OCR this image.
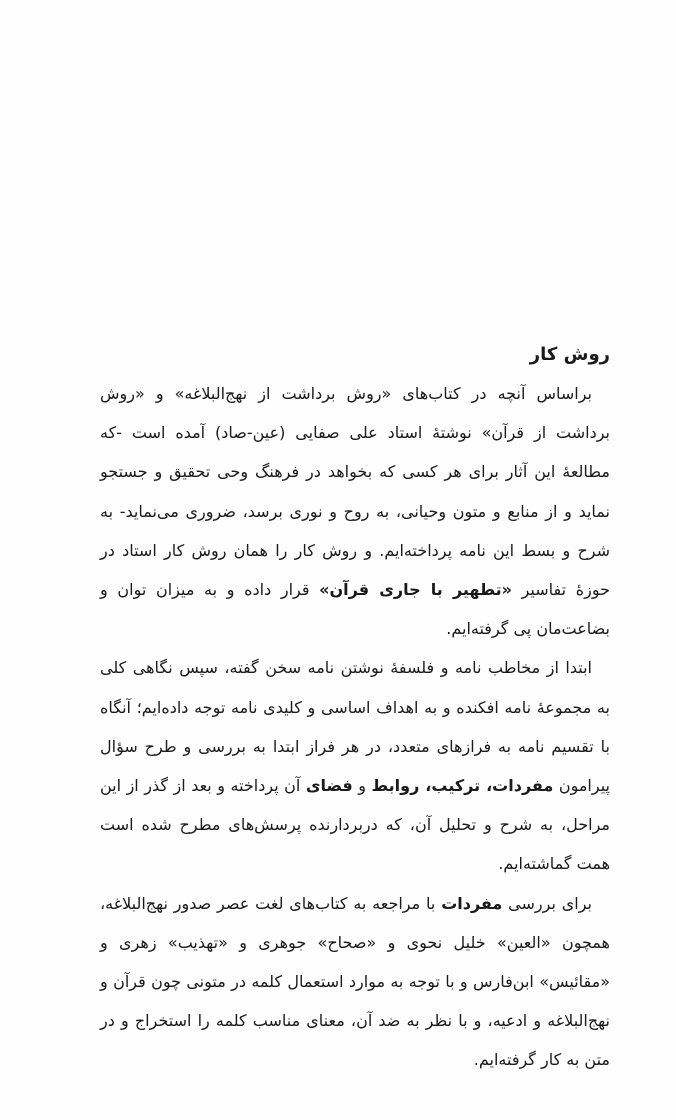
روش کار

براساس آنچه در کتاب‌های «روش برداشت از نهج‌البلاغه» و «روش برداشت از قرآن» نوشتهٔ استاد علی صفایی (عین-صاد) آمده است -که مطالعهٔ این آثار برای هر کسی که بخواهد در فرهنگ وحی تحقیق و جستجو نماید و از منابع و متون وحیانی، به روح و نوری برسد، ضروری می‌نماید- به شرح و بسط این نامه پرداخته‌ایم. و روش کار را همان روش کار استاد در حوزهٔ تفاسیر «تطهیر با جاری قرآن» قرار داده و به میزان توان و بضاعت‌مان پی گرفته‌ایم.

ابتدا از مخاطب نامه و فلسفهٔ نوشتن نامه سخن گفته، سپس نگاهی کلی به مجموعهٔ نامه افکنده و به اهداف اساسی و کلیدی نامه توجه داده‌ایم؛ آنگاه با تقسیم نامه به فرازهای متعدد، در هر فراز ابتدا به بررسی و طرح سؤال پیرامون مفردات، ترکیب، روابط و فضای آن پرداخته و بعد از گذر از این مراحل، به شرح و تحلیل آن، که دربردارنده پرسش‌های مطرح شده است همت گماشته‌ایم.

برای بررسی مفردات با مراجعه به کتاب‌های لغت عصر صدور نهج‌البلاغه، همچون «العین» خلیل نحوی و «صحاح» جوهری و «تهذیب» زهری و «مقائیس» ابن‌فارس و با توجه به موارد استعمال کلمه در متونی چون قرآن و نهج‌البلاغه و ادعیه، و با نظر به ضد آن، معنای مناسب کلمه را استخراج و در متن به کار گرفته‌ایم.
